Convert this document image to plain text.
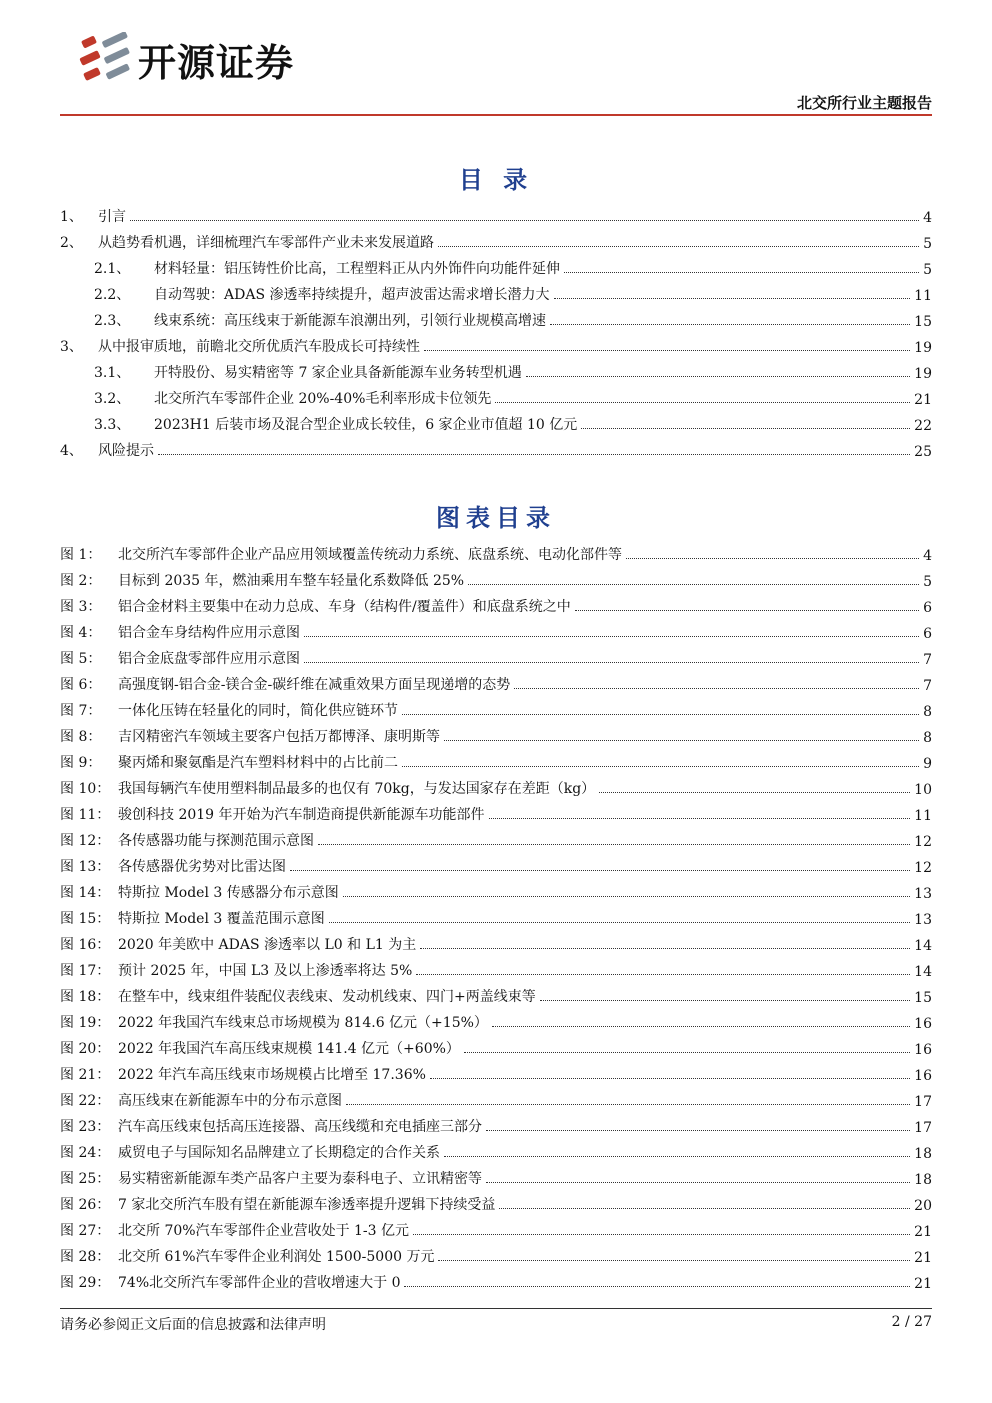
开源证券
北交所行业主题报告
目 录
1、	引言	4
2、	从趋势看机遇，详细梳理汽车零部件产业未来发展道路	5
2.1、	材料轻量：铝压铸性价比高，工程塑料正从内外饰件向功能件延伸	5
2.2、	自动驾驶：ADAS 渗透率持续提升，超声波雷达需求增长潜力大	11
2.3、	线束系统：高压线束于新能源车浪潮出列，引领行业规模高增速	15
3、	从中报审质地，前瞻北交所优质汽车股成长可持续性	19
3.1、	开特股份、易实精密等 7 家企业具备新能源车业务转型机遇	19
3.2、	北交所汽车零部件企业 20%-40%毛利率形成卡位领先	21
3.3、	2023H1 后装市场及混合型企业成长较佳，6 家企业市值超 10 亿元	22
4、	风险提示	25
图表目录
图 1：	北交所汽车零部件企业产品应用领域覆盖传统动力系统、底盘系统、电动化部件等	4
图 2：	目标到 2035 年，燃油乘用车整车轻量化系数降低 25%	5
图 3：	铝合金材料主要集中在动力总成、车身（结构件/覆盖件）和底盘系统之中	6
图 4：	铝合金车身结构件应用示意图	6
图 5：	铝合金底盘零部件应用示意图	7
图 6：	高强度钢-铝合金-镁合金-碳纤维在减重效果方面呈现递增的态势	7
图 7：	一体化压铸在轻量化的同时，简化供应链环节	8
图 8：	吉冈精密汽车领域主要客户包括万都博泽、康明斯等	8
图 9：	聚丙烯和聚氨酯是汽车塑料材料中的占比前二	9
图 10： 我国每辆汽车使用塑料制品最多的也仅有 70kg，与发达国家存在差距（kg）	10
图 11： 骏创科技 2019 年开始为汽车制造商提供新能源车功能部件	11
图 12： 各传感器功能与探测范围示意图	12
图 13： 各传感器优劣势对比雷达图	12
图 14： 特斯拉 Model 3 传感器分布示意图	13
图 15： 特斯拉 Model 3 覆盖范围示意图	13
图 16： 2020 年美欧中 ADAS 渗透率以 L0 和 L1 为主	14
图 17： 预计 2025 年，中国 L3 及以上渗透率将达 5%	14
图 18： 在整车中，线束组件装配仪表线束、发动机线束、四门+两盖线束等	15
图 19： 2022 年我国汽车线束总市场规模为 814.6 亿元（+15%）	16
图 20： 2022 年我国汽车高压线束规模 141.4 亿元（+60%）	16
图 21： 2022 年汽车高压线束市场规模占比增至 17.36%	16
图 22： 高压线束在新能源车中的分布示意图	17
图 23： 汽车高压线束包括高压连接器、高压线缆和充电插座三部分	17
图 24： 威贸电子与国际知名品牌建立了长期稳定的合作关系	18
图 25： 易实精密新能源车类产品客户主要为泰科电子、立讯精密等	18
图 26： 7 家北交所汽车股有望在新能源车渗透率提升逻辑下持续受益	20
图 27： 北交所 70%汽车零部件企业营收处于 1-3 亿元	21
图 28： 北交所 61%汽车零件企业利润处 1500-5000 万元	21
图 29： 74%北交所汽车零部件企业的营收增速大于 0	21
请务必参阅正文后面的信息披露和法律声明	2 / 27
